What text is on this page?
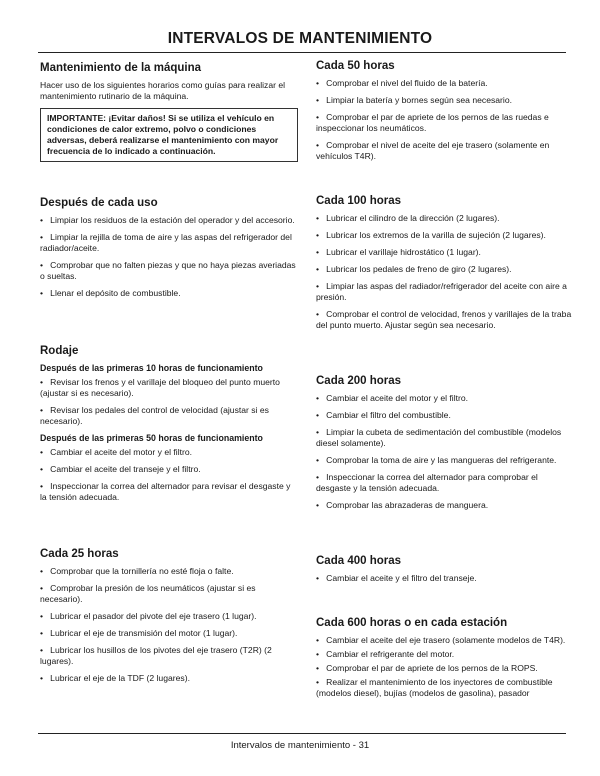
INTERVALOS DE MANTENIMIENTO
Mantenimiento de la máquina

Hacer uso de los siguientes horarios como guías para realizar el mantenimiento rutinario de la máquina.

IMPORTANTE: ¡Evitar daños! Si se utiliza el vehículo en condiciones de calor extremo, polvo o condiciones adversas, deberá realizarse el mantenimiento con mayor frecuencia de lo indicado a continuación.
Después de cada uso
•   Limpiar los residuos de la estación del operador y del accesorio.
•   Limpiar la rejilla de toma de aire y las aspas del refrigerador del radiador/aceite.
•   Comprobar que no falten piezas y que no haya piezas averiadas o sueltas.
•   Llenar el depósito de combustible.
Rodaje
Después de las primeras 10 horas de funcionamiento
•   Revisar los frenos y el varillaje del bloqueo del punto muerto (ajustar si es necesario).
•   Revisar los pedales del control de velocidad (ajustar si es necesario).
Después de las primeras 50 horas de funcionamiento
•   Cambiar el aceite del motor y el filtro.
•   Cambiar el aceite del transeje y el filtro.
•   Inspeccionar la correa del alternador para revisar el desgaste y la tensión adecuada.
Cada 25 horas
•   Comprobar que la tornillería no esté floja o falte.
•   Comprobar la presión de los neumáticos (ajustar si es necesario).
•   Lubricar el pasador del pivote del eje trasero (1 lugar).
•   Lubricar el eje de transmisión del motor (1 lugar).
•   Lubricar los husillos de los pivotes del eje trasero (T2R) (2 lugares).
•   Lubricar el eje de la TDF (2 lugares).
Cada 50 horas
•   Comprobar el nivel del fluido de la batería.
•   Limpiar la batería y bornes según sea necesario.
•   Comprobar el par de apriete de los pernos de las ruedas e inspeccionar los neumáticos.
•   Comprobar el nivel de aceite del eje trasero (solamente en vehículos T4R).
Cada 100 horas
•   Lubricar el cilindro de la dirección (2 lugares).
•   Lubricar los extremos de la varilla de sujeción (2 lugares).
•   Lubricar el varillaje hidrostático (1 lugar).
•   Lubricar los pedales de freno de giro (2 lugares).
•   Limpiar las aspas del radiador/refrigerador del aceite con aire a presión.
•   Comprobar el control de velocidad, frenos y varillajes de la traba del punto muerto. Ajustar según sea necesario.
Cada 200 horas
•   Cambiar el aceite del motor y el filtro.
•   Cambiar el filtro del combustible.
•   Limpiar la cubeta de sedimentación del combustible (modelos diesel solamente).
•   Comprobar la toma de aire y las mangueras del refrigerante.
•   Inspeccionar la correa del alternador para comprobar el desgaste y la tensión adecuada.
•   Comprobar las abrazaderas de manguera.
Cada 400 horas
•   Cambiar el aceite y el filtro del transeje.
Cada 600 horas o en cada estación
•   Cambiar el aceite del eje trasero (solamente modelos de T4R).
•   Cambiar el refrigerante del motor.
•   Comprobar el par de apriete de los pernos de la ROPS.
•   Realizar el mantenimiento de los inyectores de combustible (modelos diesel), bujías (modelos de gasolina), pasador
Intervalos de mantenimiento - 31
